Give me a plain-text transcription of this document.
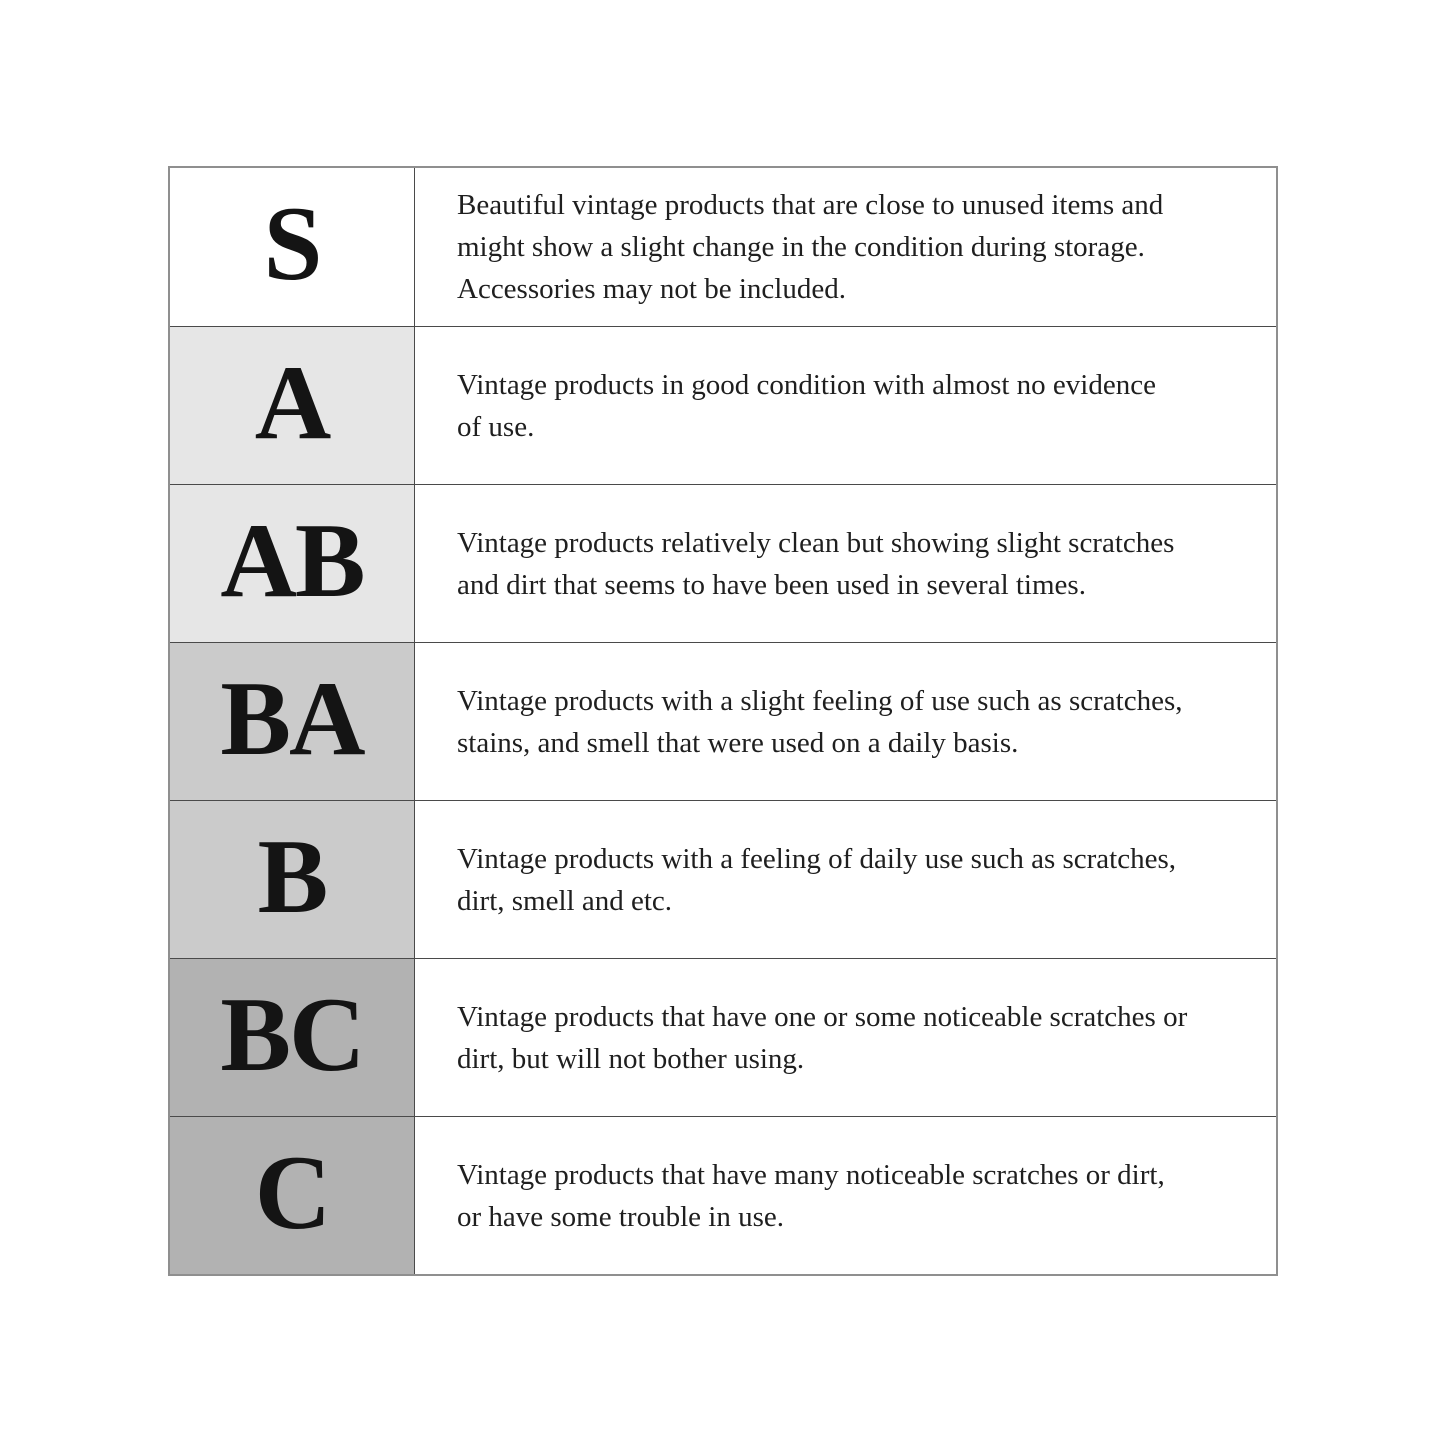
S	Beautiful vintage products that are close to unused items and
might show a slight change in the condition during storage.
Accessories may not be included.
A	Vintage products in good condition with almost no evidence
of use.
AB	Vintage products relatively clean but showing slight scratches
and dirt that seems to have been used in several times.
BA	Vintage products with a slight feeling of use such as scratches,
stains, and smell that were used on a daily basis.
B	Vintage products with a feeling of daily use such as scratches,
dirt, smell and etc.
BC	Vintage products that have one or some noticeable scratches or
dirt, but will not bother using.
C	Vintage products that have many noticeable scratches or dirt,
or have some trouble in use.
